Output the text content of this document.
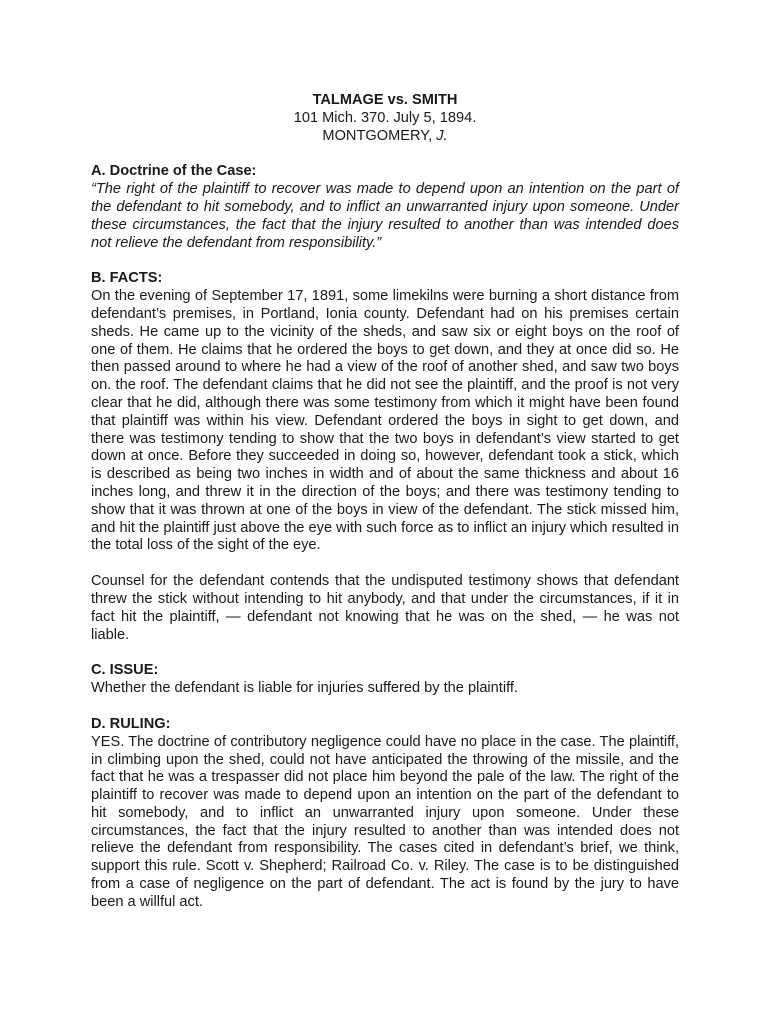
TALMAGE vs. SMITH
101 Mich. 370. July 5, 1894.
MONTGOMERY, J.
A. Doctrine of the Case:

“The right of the plaintiff to recover was made to depend upon an intention on the part of the defendant to hit somebody, and to inflict an unwarranted injury upon someone. Under these circumstances, the fact that the injury resulted to another than was intended does not relieve the defendant from responsibility.”

B. FACTS:

On the evening of September 17, 1891, some limekilns were burning a short distance from defendant’s premises, in Portland, Ionia county. Defendant had on his premises certain sheds. He came up to the vicinity of the sheds, and saw six or eight boys on the roof of one of them. He claims that he ordered the boys to get down, and they at once did so. He then passed around to where he had a view of the roof of another shed, and saw two boys on. the roof. The defendant claims that he did not see the plaintiff, and the proof is not very clear that he did, although there was some testimony from which it might have been found that plaintiff was within his view. Defendant ordered the boys in sight to get down, and there was testimony tending to show that the two boys in defendant’s view started to get down at once. Before they succeeded in doing so, however, defendant took a stick, which is described as being two inches in width and of about the same thickness and about 16 inches long, and threw it in the direction of the boys; and there was testimony tending to show that it was thrown at one of the boys in view of the defendant. The stick missed him, and hit the plaintiff just above the eye with such force as to inflict an injury which resulted in the total loss of the sight of the eye.

Counsel for the defendant contends that the undisputed testimony shows that defendant threw the stick without intending to hit anybody, and that under the circumstances, if it in fact hit the plaintiff, — defendant not knowing that he was on the shed, — he was not liable.

C. ISSUE:

Whether the defendant is liable for injuries suffered by the plaintiff.

D. RULING:

YES. The doctrine of contributory negligence could have no place in the case. The plaintiff, in climbing upon the shed, could not have anticipated the throwing of the missile, and the fact that he was a trespasser did not place him beyond the pale of the law. The right of the plaintiff to recover was made to depend upon an intention on the part of the defendant to hit somebody, and to inflict an unwarranted injury upon someone. Under these circumstances, the fact that the injury resulted to another than was intended does not relieve the defendant from responsibility. The cases cited in defendant’s brief, we think, support this rule. Scott v. Shepherd; Railroad Co. v. Riley. The case is to be distinguished from a case of negligence on the part of defendant. The act is found by the jury to have been a willful act.
